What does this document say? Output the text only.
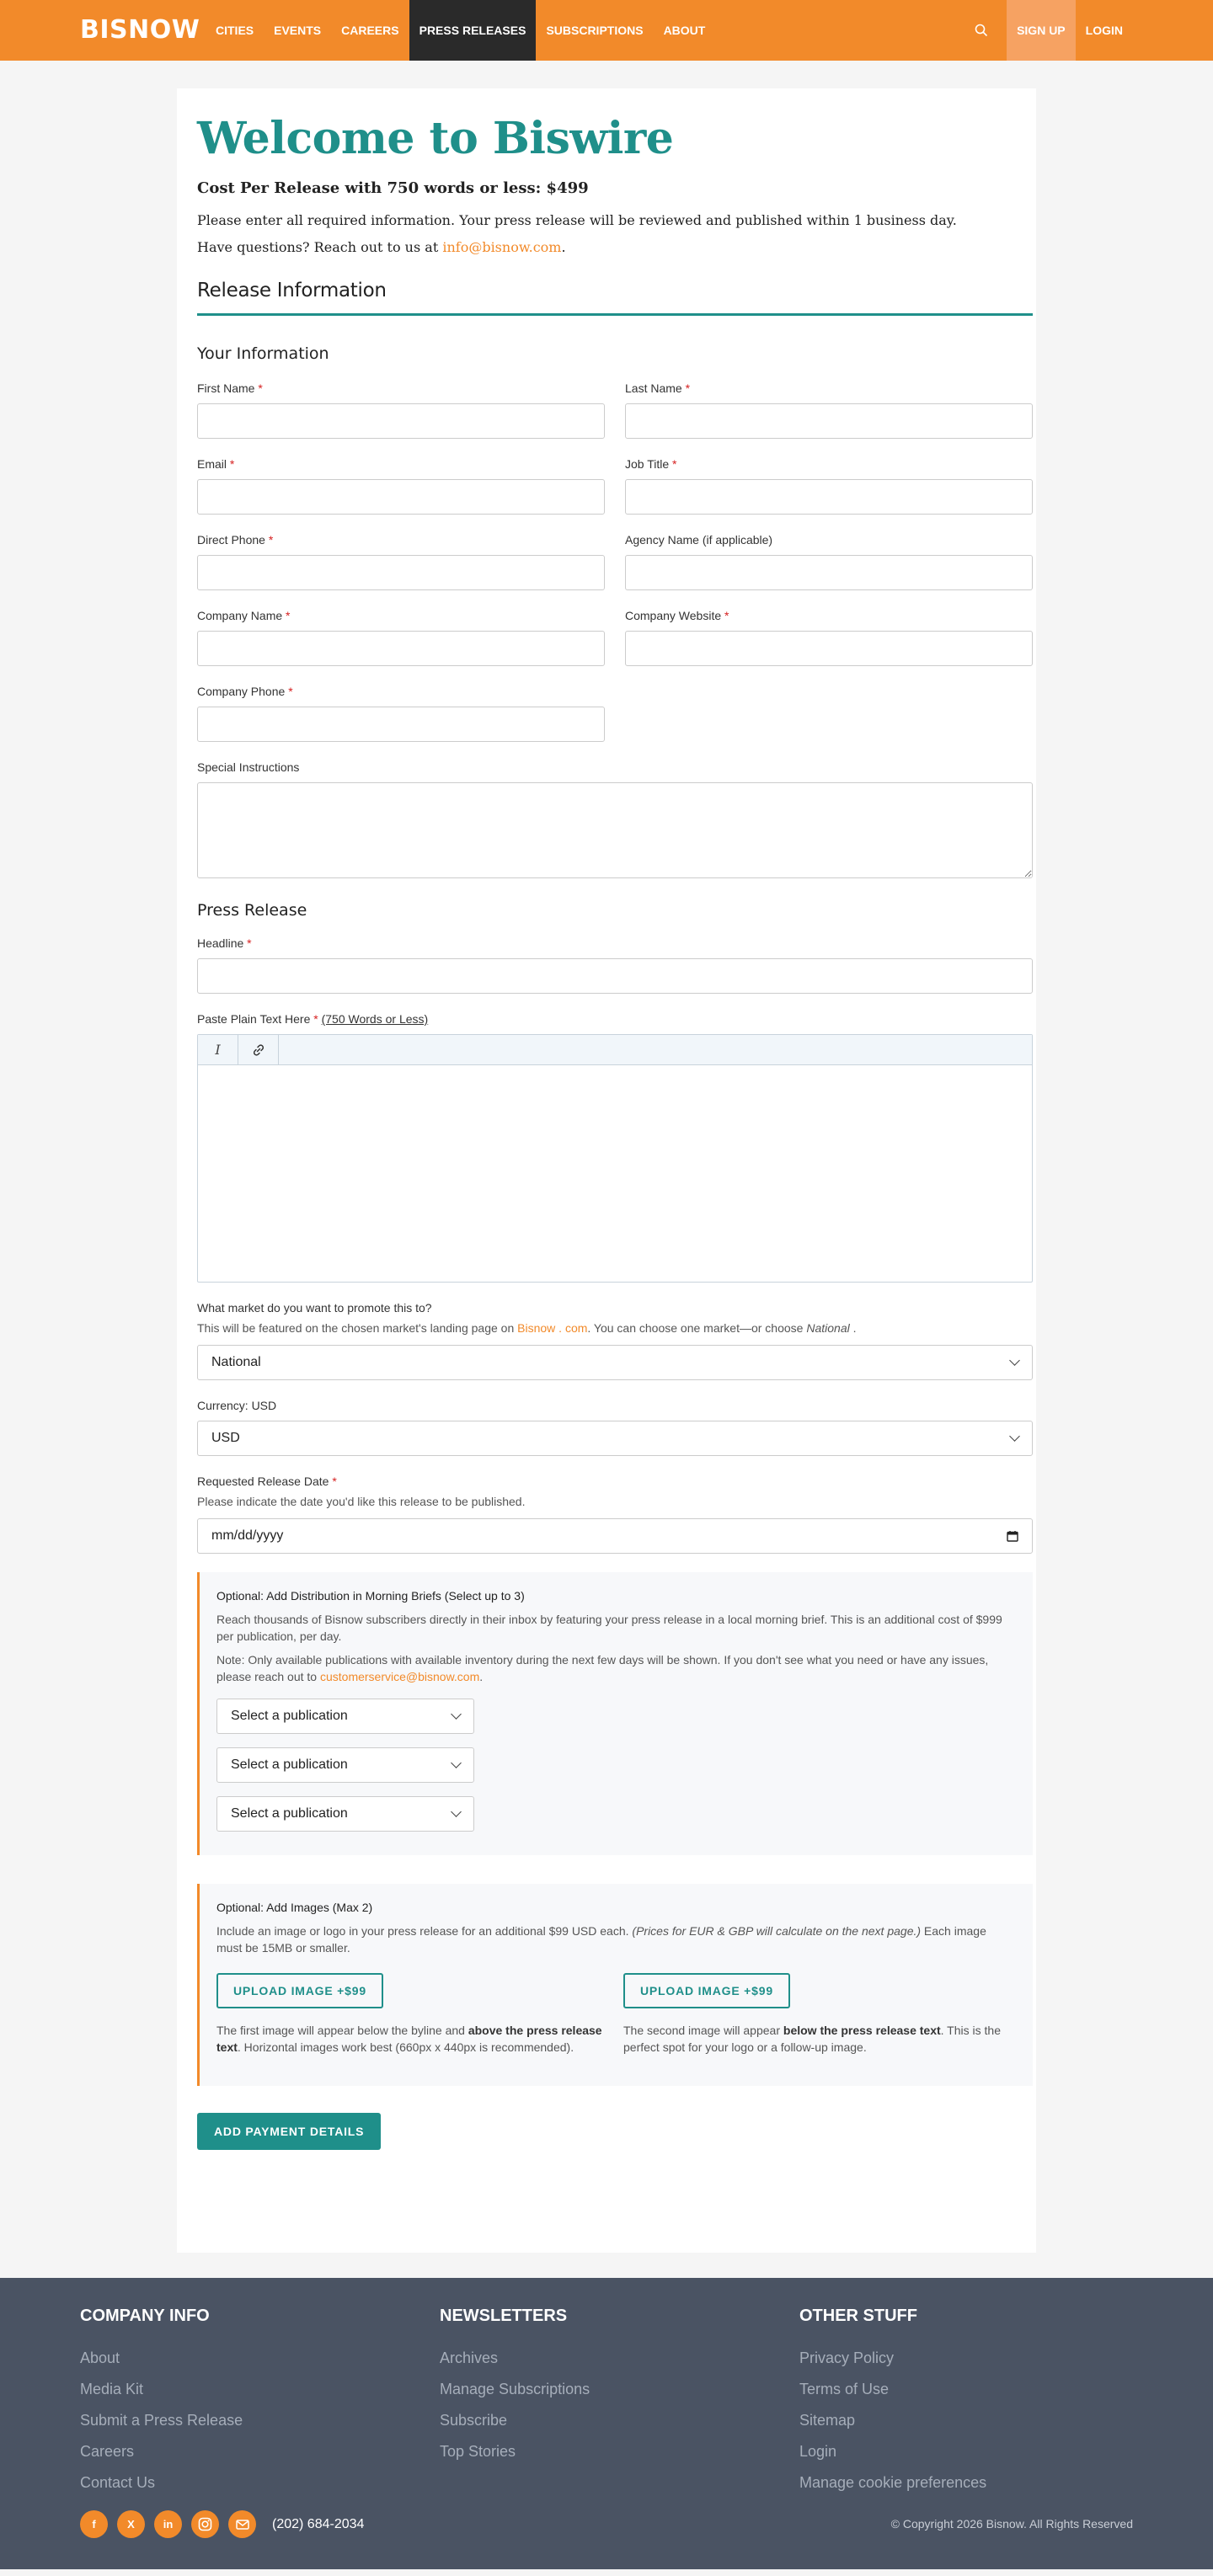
BISNOW	CITIES	EVENTS	CAREERS	PRESS RELEASES	SUBSCRIPTIONS	ABOUT	SIGN UP	LOGIN
Welcome to Biswire
Cost Per Release with 750 words or less: $499
Please enter all required information. Your press release will be reviewed and published within 1 business day.
Have questions? Reach out to us at info@bisnow.com.
Release Information
Your Information
First Name *	Last Name *
Email *	Job Title *
Direct Phone *	Agency Name (if applicable)
Company Name *	Company Website *
Company Phone *
Special Instructions
Press Release
Headline *
Paste Plain Text Here * (750 Words or Less)
I
What market do you want to promote this to?
This will be featured on the chosen market's landing page on Bisnow . com. You can choose one market—or choose National .
National
Currency: USD
USD
Requested Release Date *
Please indicate the date you'd like this release to be published.
mm/dd/yyyy
Optional: Add Distribution in Morning Briefs (Select up to 3)

Reach thousands of Bisnow subscribers directly in their inbox by featuring your press release in a local morning brief. This is an additional cost of $999 per publication, per day.

Note: Only available publications with available inventory during the next few days will be shown. If you don't see what you need or have any issues, please reach out to customerservice@bisnow.com.

Select a publication
Select a publication
Select a publication
Optional: Add Images (Max 2)

Include an image or logo in your press release for an additional $99 USD each. (Prices for EUR & GBP will calculate on the next page.) Each image must be 15MB or smaller.

UPLOAD IMAGE +$99

The first image will appear below the byline and above the press release text. Horizontal images work best (660px x 440px is recommended).

UPLOAD IMAGE +$99

The second image will appear below the press release text. This is the perfect spot for your logo or a follow-up image.

ADD PAYMENT DETAILS
COMPANY INFO
About
Media Kit
Submit a Press Release
Careers
Contact Us
NEWSLETTERS
Archives
Manage Subscriptions
Subscribe
Top Stories
OTHER STUFF
Privacy Policy
Terms of Use
Sitemap
Login
Manage cookie preferences
f	X	in	(202) 684-2034	© Copyright 2026 Bisnow. All Rights Reserved
